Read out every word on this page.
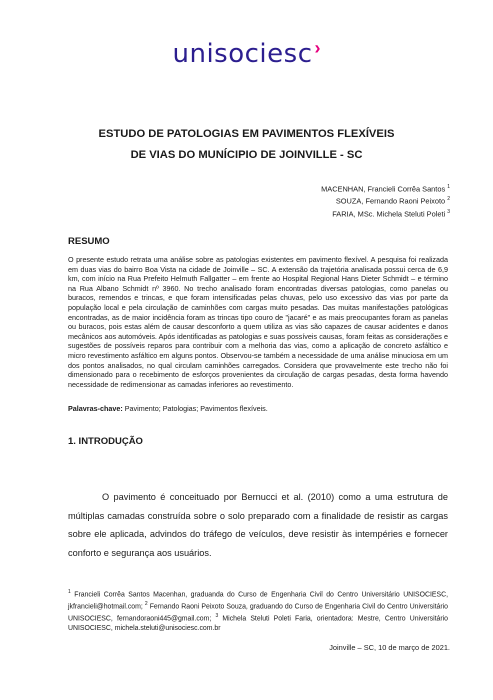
unisociesc ›
ESTUDO DE PATOLOGIAS EM PAVIMENTOS FLEXÍVEIS
DE VIAS DO MUNÍCIPIO DE JOINVILLE - SC
MACENHAN, Francieli Corrêa Santos $^1$
SOUZA, Fernando Raoni Peixoto $^2$
FARIA, MSc. Michela Steluti Poleti $^3$
RESUMO
O presente estudo retrata uma análise sobre as patologias existentes em pavimento flexível. A pesquisa foi realizada em duas vias do bairro Boa Vista na cidade de Joinville – SC. A extensão da trajetória analisada possui cerca de 6,9 km, com início na Rua Prefeito Helmuth Fallgatter – em frente ao Hospital Regional Hans Dieter Schmidt – e término na Rua Albano Schmidt nº 3960. No trecho analisado foram encontradas diversas patologias, como panelas ou buracos, remendos e trincas, e que foram intensificadas pelas chuvas, pelo uso excessivo das vias por parte da população local e pela circulação de caminhões com cargas muito pesadas. Das muitas manifestações patológicas encontradas, as de maior incidência foram as trincas tipo couro de "jacaré" e as mais preocupantes foram as panelas ou buracos, pois estas além de causar desconforto a quem utiliza as vias são capazes de causar acidentes e danos mecânicos aos automóveis. Após identificadas as patologias e suas possíveis causas, foram feitas as considerações e sugestões de possíveis reparos para contribuir com a melhoria das vias, como a aplicação de concreto asfáltico e micro revestimento asfáltico em alguns pontos. Observou-se também a necessidade de uma análise minuciosa em um dos pontos analisados, no qual circulam caminhões carregados. Considera que provavelmente este trecho não foi dimensionado para o recebimento de esforços provenientes da circulação de cargas pesadas, desta forma havendo necessidade de redimensionar as camadas inferiores ao revestimento.
Palavras-chave: Pavimento; Patologias; Pavimentos flexíveis.
1. INTRODUÇÃO
O pavimento é conceituado por Bernucci et al. (2010) como a uma estrutura de múltiplas camadas construída sobre o solo preparado com a finalidade de resistir as cargas sobre ele aplicada, advindos do tráfego de veículos, deve resistir às intempéries e fornecer conforto e segurança aos usuários.
$^1$ Francieli Corrêa Santos Macenhan, graduanda do Curso de Engenharia Civil do Centro Universitário UNISOCIESC, jkfrancieli@hotmail.com; $^2$ Fernando Raoni Peixoto Souza, graduando do Curso de Engenharia Civil do Centro Universitário UNISOCIESC, fernandoraoni445@gmail.com; $^3$ Michela Steluti Poleti Faria, orientadora: Mestre, Centro Universitário UNISOCIESC, michela.steluti@unisociesc.com.br
Joinville – SC, 10 de março de 2021.
